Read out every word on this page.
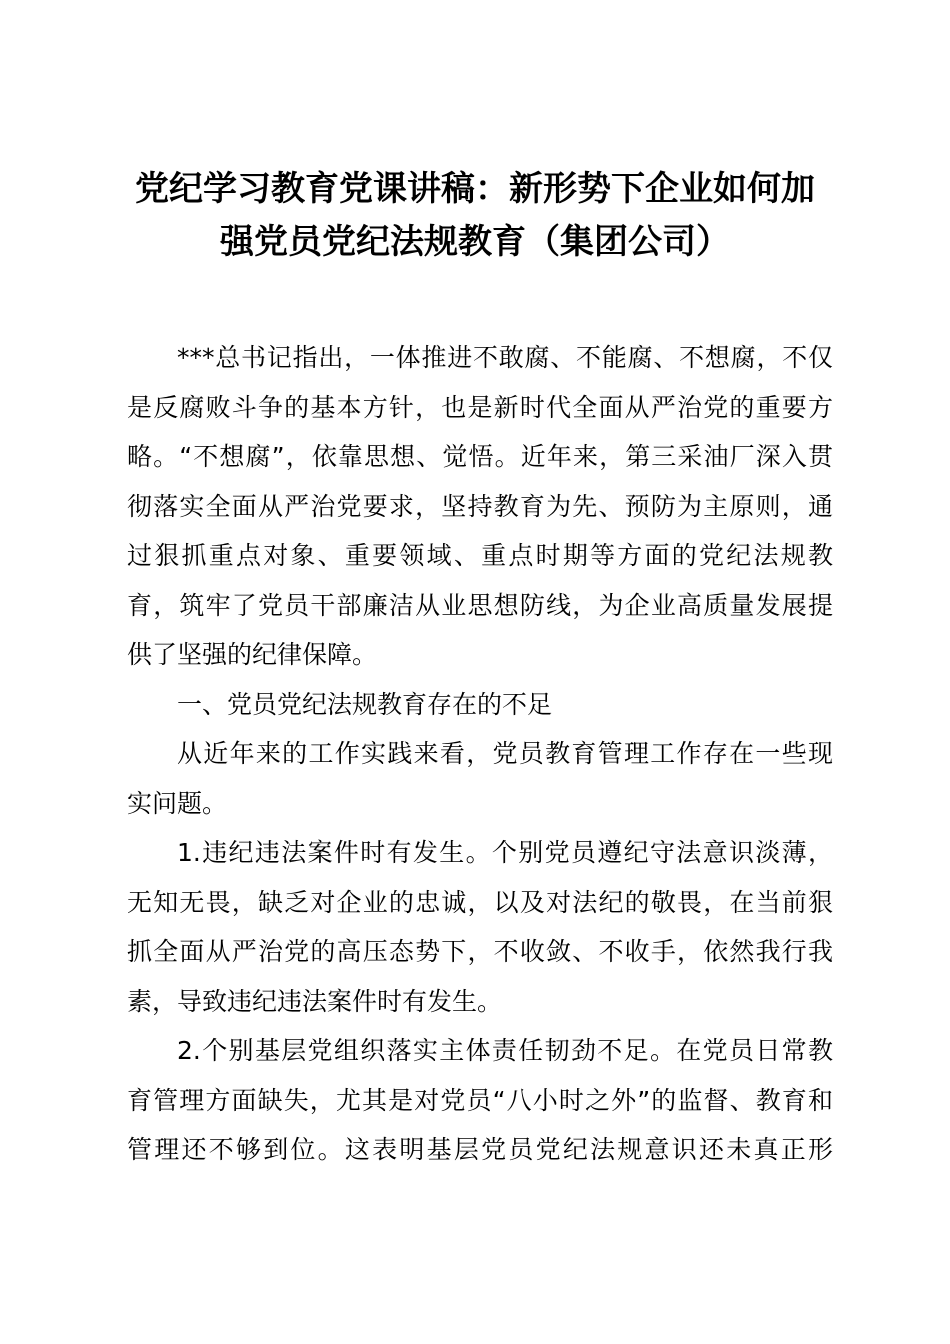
党纪学习教育党课讲稿：新形势下企业如何加
强党员党纪法规教育（集团公司）
***总书记指出，一体推进不敢腐、不能腐、不想腐，不仅
是反腐败斗争的基本方针，也是新时代全面从严治党的重要方
略。“不想腐”，依靠思想、觉悟。近年来，第三采油厂深入贯
彻落实全面从严治党要求，坚持教育为先、预防为主原则，通
过狠抓重点对象、重要领域、重点时期等方面的党纪法规教
育，筑牢了党员干部廉洁从业思想防线，为企业高质量发展提
供了坚强的纪律保障。
一、党员党纪法规教育存在的不足
从近年来的工作实践来看，党员教育管理工作存在一些现
实问题。
1.违纪违法案件时有发生。个别党员遵纪守法意识淡薄，
无知无畏，缺乏对企业的忠诚，以及对法纪的敬畏，在当前狠
抓全面从严治党的高压态势下，不收敛、不收手，依然我行我
素，导致违纪违法案件时有发生。
2.个别基层党组织落实主体责任韧劲不足。在党员日常教
育管理方面缺失，尤其是对党员“八小时之外”的监督、教育和
管理还不够到位。这表明基层党员党纪法规意识还未真正形
